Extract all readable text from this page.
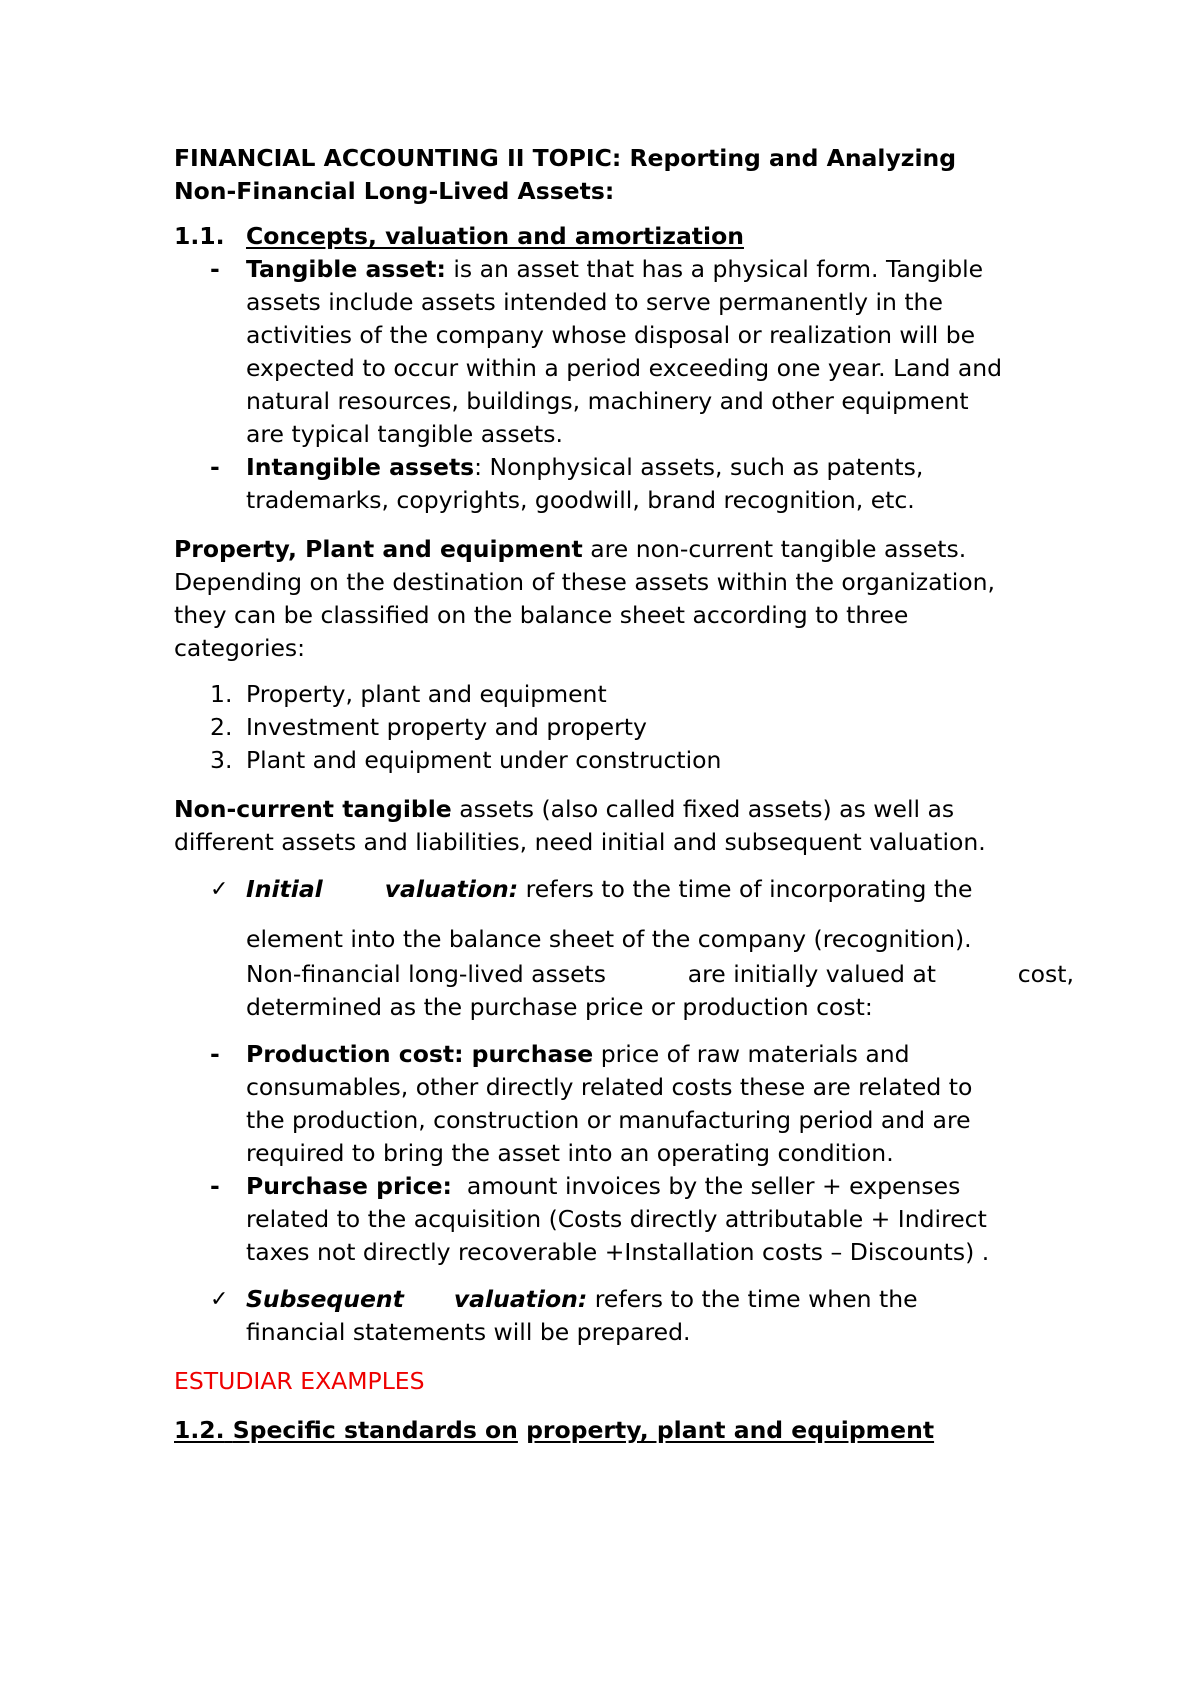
FINANCIAL ACCOUNTING II TOPIC: Reporting and Analyzing

Non-Financial Long-Lived Assets:

1.1. Concepts, valuation and amortization
-	Tangible asset: is an asset that has a physical form. Tangible
assets include assets intended to serve permanently in the
activities of the company whose disposal or realization will be
expected to occur within a period exceeding one year. Land and
natural resources, buildings, machinery and other equipment
are typical tangible assets.
-	Intangible assets: Nonphysical assets, such as patents,
trademarks, copyrights, goodwill, brand recognition, etc.

Property, Plant and equipment are non-current tangible assets.
Depending on the destination of these assets within the organization,
they can be classified on the balance sheet according to three
categories:

1. Property, plant and equipment
2. Investment property and property
3. Plant and equipment under construction

Non-current tangible assets (also called fixed assets) as well as
different assets and liabilities, need initial and subsequent valuation.

✓ Initial	valuation: refers to the time of incorporating the

element into the balance sheet of the company (recognition).

Non-financial long-lived assets	are initially valued at	cost,

determined as the purchase price or production cost:

-	Production cost: purchase price of raw materials and
consumables, other directly related costs these are related to
the production, construction or manufacturing period and are
required to bring the asset into an operating condition.
-	Purchase price:  amount invoices by the seller + expenses
related to the acquisition (Costs directly attributable + Indirect
taxes not directly recoverable +Installation costs – Discounts) .
✓ Subsequent valuation: refers to the time when the
financial statements will be prepared.

ESTUDIAR EXAMPLES

1.2. Specific standards on property, plant and equipment
